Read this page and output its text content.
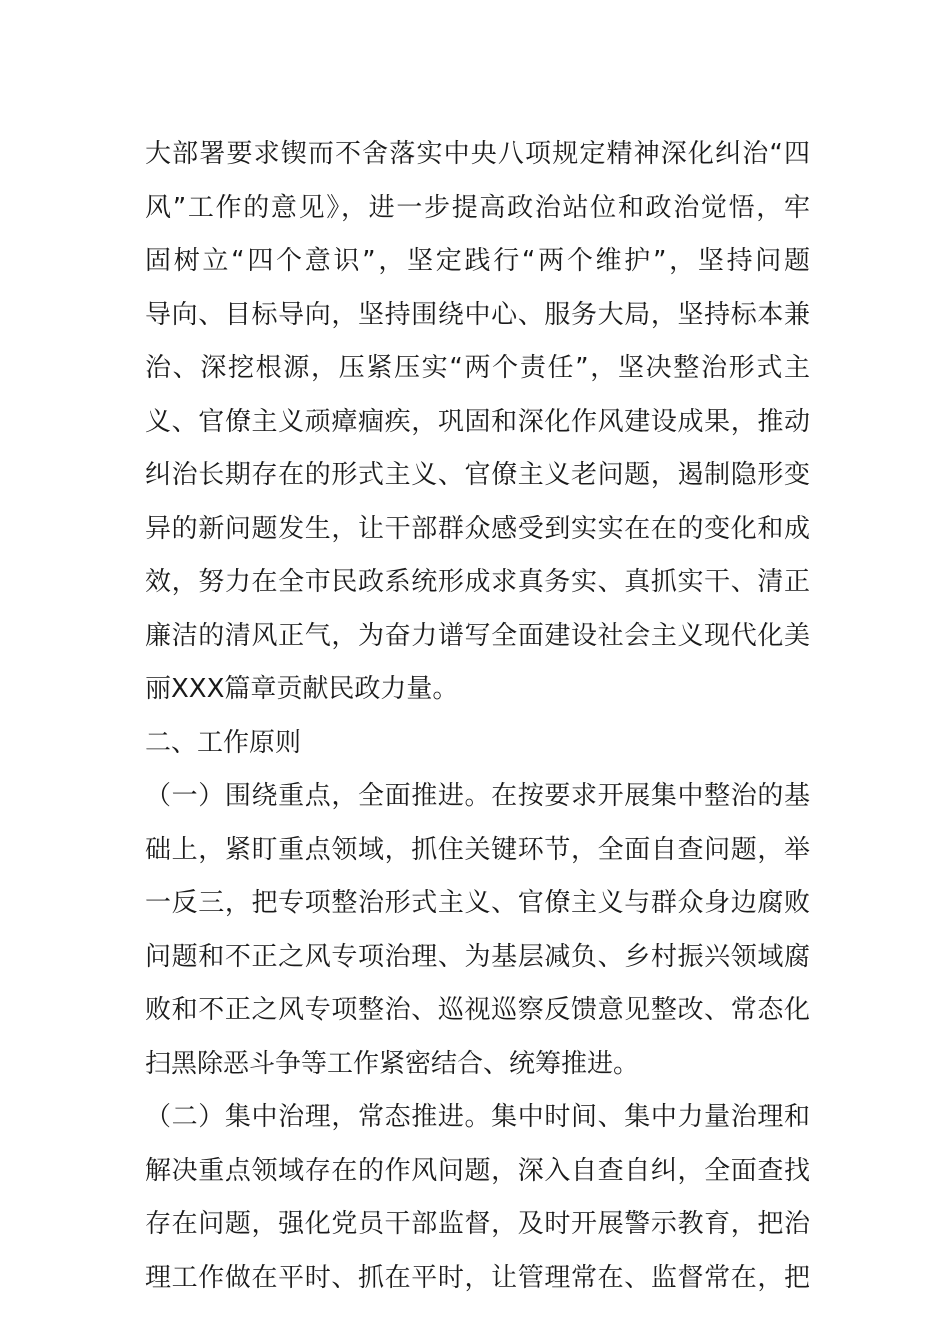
大部署要求锲而不舍落实中央八项规定精神深化纠治“四
风”工作的意见》，进一步提高政治站位和政治觉悟，牢
固树立“四个意识”，坚定践行“两个维护”，坚持问题
导向、目标导向，坚持围绕中心、服务大局，坚持标本兼
治、深挖根源，压紧压实“两个责任”，坚决整治形式主
义、官僚主义顽瘴痼疾，巩固和深化作风建设成果，推动
纠治长期存在的形式主义、官僚主义老问题，遏制隐形变
异的新问题发生，让干部群众感受到实实在在的变化和成
效，努力在全市民政系统形成求真务实、真抓实干、清正
廉洁的清风正气，为奋力谱写全面建设社会主义现代化美
丽XXX篇章贡献民政力量。
二、工作原则
（一）围绕重点，全面推进。在按要求开展集中整治的基
础上，紧盯重点领域，抓住关键环节，全面自查问题，举
一反三，把专项整治形式主义、官僚主义与群众身边腐败
问题和不正之风专项治理、为基层减负、乡村振兴领域腐
败和不正之风专项整治、巡视巡察反馈意见整改、常态化
扫黑除恶斗争等工作紧密结合、统筹推进。
（二）集中治理，常态推进。集中时间、集中力量治理和
解决重点领域存在的作风问题，深入自查自纠，全面查找
存在问题，强化党员干部监督，及时开展警示教育，把治
理工作做在平时、抓在平时，让管理常在、监督常在，把
